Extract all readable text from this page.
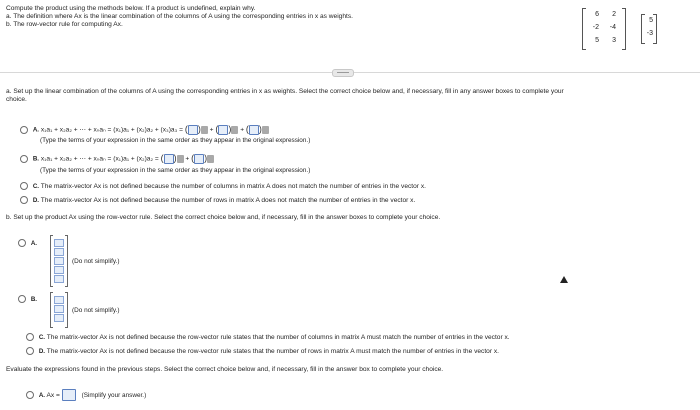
Compute the product using the methods below. If a product is undefined, explain why.
a. The definition where Ax is the linear combination of the columns of A using the corresponding entries in x as weights.
b. The row-vector rule for computing Ax.
6	2
-2	-4
5	3
5
-3
a. Set up the linear combination of the columns of A using the corresponding entries in x as weights. Select the correct choice below and, if necessary, fill in any answer boxes to complete your
choice.
A. x₁a₁ + x₂a₂ + ⋯ + xₙaₙ = (x₁)a₁ + (x₂)a₂ + (x₃)a₃ = ( ) + ( ) + ( )
(Type the terms of your expression in the same order as they appear in the original expression.)
B. x₁a₁ + x₂a₂ + ⋯ + xₙaₙ = (x₁)a₁ + (x₂)a₂ = ( ) + ( )
(Type the terms of your expression in the same order as they appear in the original expression.)
C. The matrix-vector Ax is not defined because the number of columns in matrix A does not match the number of entries in the vector x.
D. The matrix-vector Ax is not defined because the number of rows in matrix A does not match the number of entries in the vector x.
b. Set up the product Ax using the row-vector rule. Select the correct choice below and, if necessary, fill in the answer boxes to complete your choice.
A.
(Do not simplify.)
B.
(Do not simplify.)
C. The matrix-vector Ax is not defined because the row-vector rule states that the number of columns in matrix A must match the number of entries in the vector x.
D. The matrix-vector Ax is not defined because the row-vector rule states that the number of rows in matrix A must match the number of entries in the vector x.
Evaluate the expressions found in the previous steps. Select the correct choice below and, if necessary, fill in the answer box to complete your choice.
A. Ax =	(Simplify your answer.)
